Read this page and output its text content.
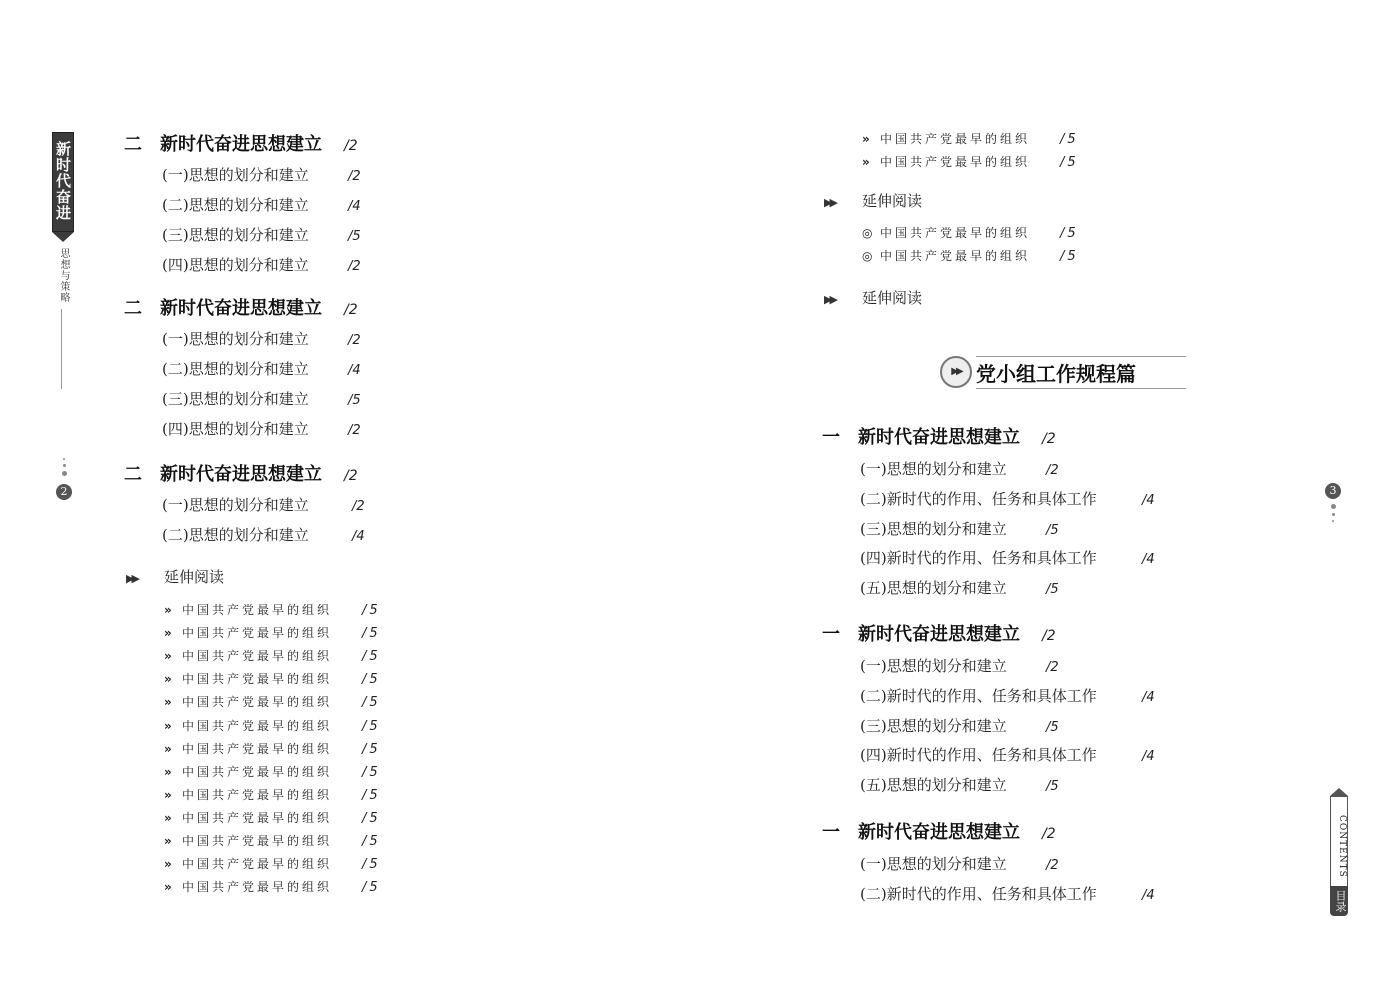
新时代奋进
思想与策略
2
二 新时代奋进思想建立 /2
(一)思想的划分和建立	/2
(二)思想的划分和建立	/4
(三)思想的划分和建立	/5
(四)思想的划分和建立	/2
二 新时代奋进思想建立 /2
(一)思想的划分和建立	/2
(二)思想的划分和建立	/4
(三)思想的划分和建立	/5
(四)思想的划分和建立	/2
二 新时代奋进思想建立 /2
(一)思想的划分和建立	/2
(二)思想的划分和建立	/4
▶▶ 延伸阅读
» 中国共产党最早的组织 /5
» 中国共产党最早的组织 /5
» 中国共产党最早的组织 /5
» 中国共产党最早的组织 /5
» 中国共产党最早的组织 /5
» 中国共产党最早的组织 /5
» 中国共产党最早的组织 /5
» 中国共产党最早的组织 /5
» 中国共产党最早的组织 /5
» 中国共产党最早的组织 /5
» 中国共产党最早的组织 /5
» 中国共产党最早的组织 /5
» 中国共产党最早的组织 /5
» 中国共产党最早的组织 /5
» 中国共产党最早的组织 /5
▶▶ 延伸阅读
◎ 中国共产党最早的组织 /5
◎ 中国共产党最早的组织 /5
▶▶ 延伸阅读
一 新时代奋进思想建立 /2
(一)思想的划分和建立	/2
(二)新时代的作用、任务和具体工作	/4
(三)思想的划分和建立	/5
(四)新时代的作用、任务和具体工作	/4
(五)思想的划分和建立	/5
一 新时代奋进思想建立 /2
(一)思想的划分和建立	/2
(二)新时代的作用、任务和具体工作	/4
(三)思想的划分和建立	/5
(四)新时代的作用、任务和具体工作	/4
(五)思想的划分和建立	/5
一 新时代奋进思想建立 /2
(一)思想的划分和建立	/2
(二)新时代的作用、任务和具体工作	/4
▶▶ 党小组工作规程篇
3
CONTENTS
目录
